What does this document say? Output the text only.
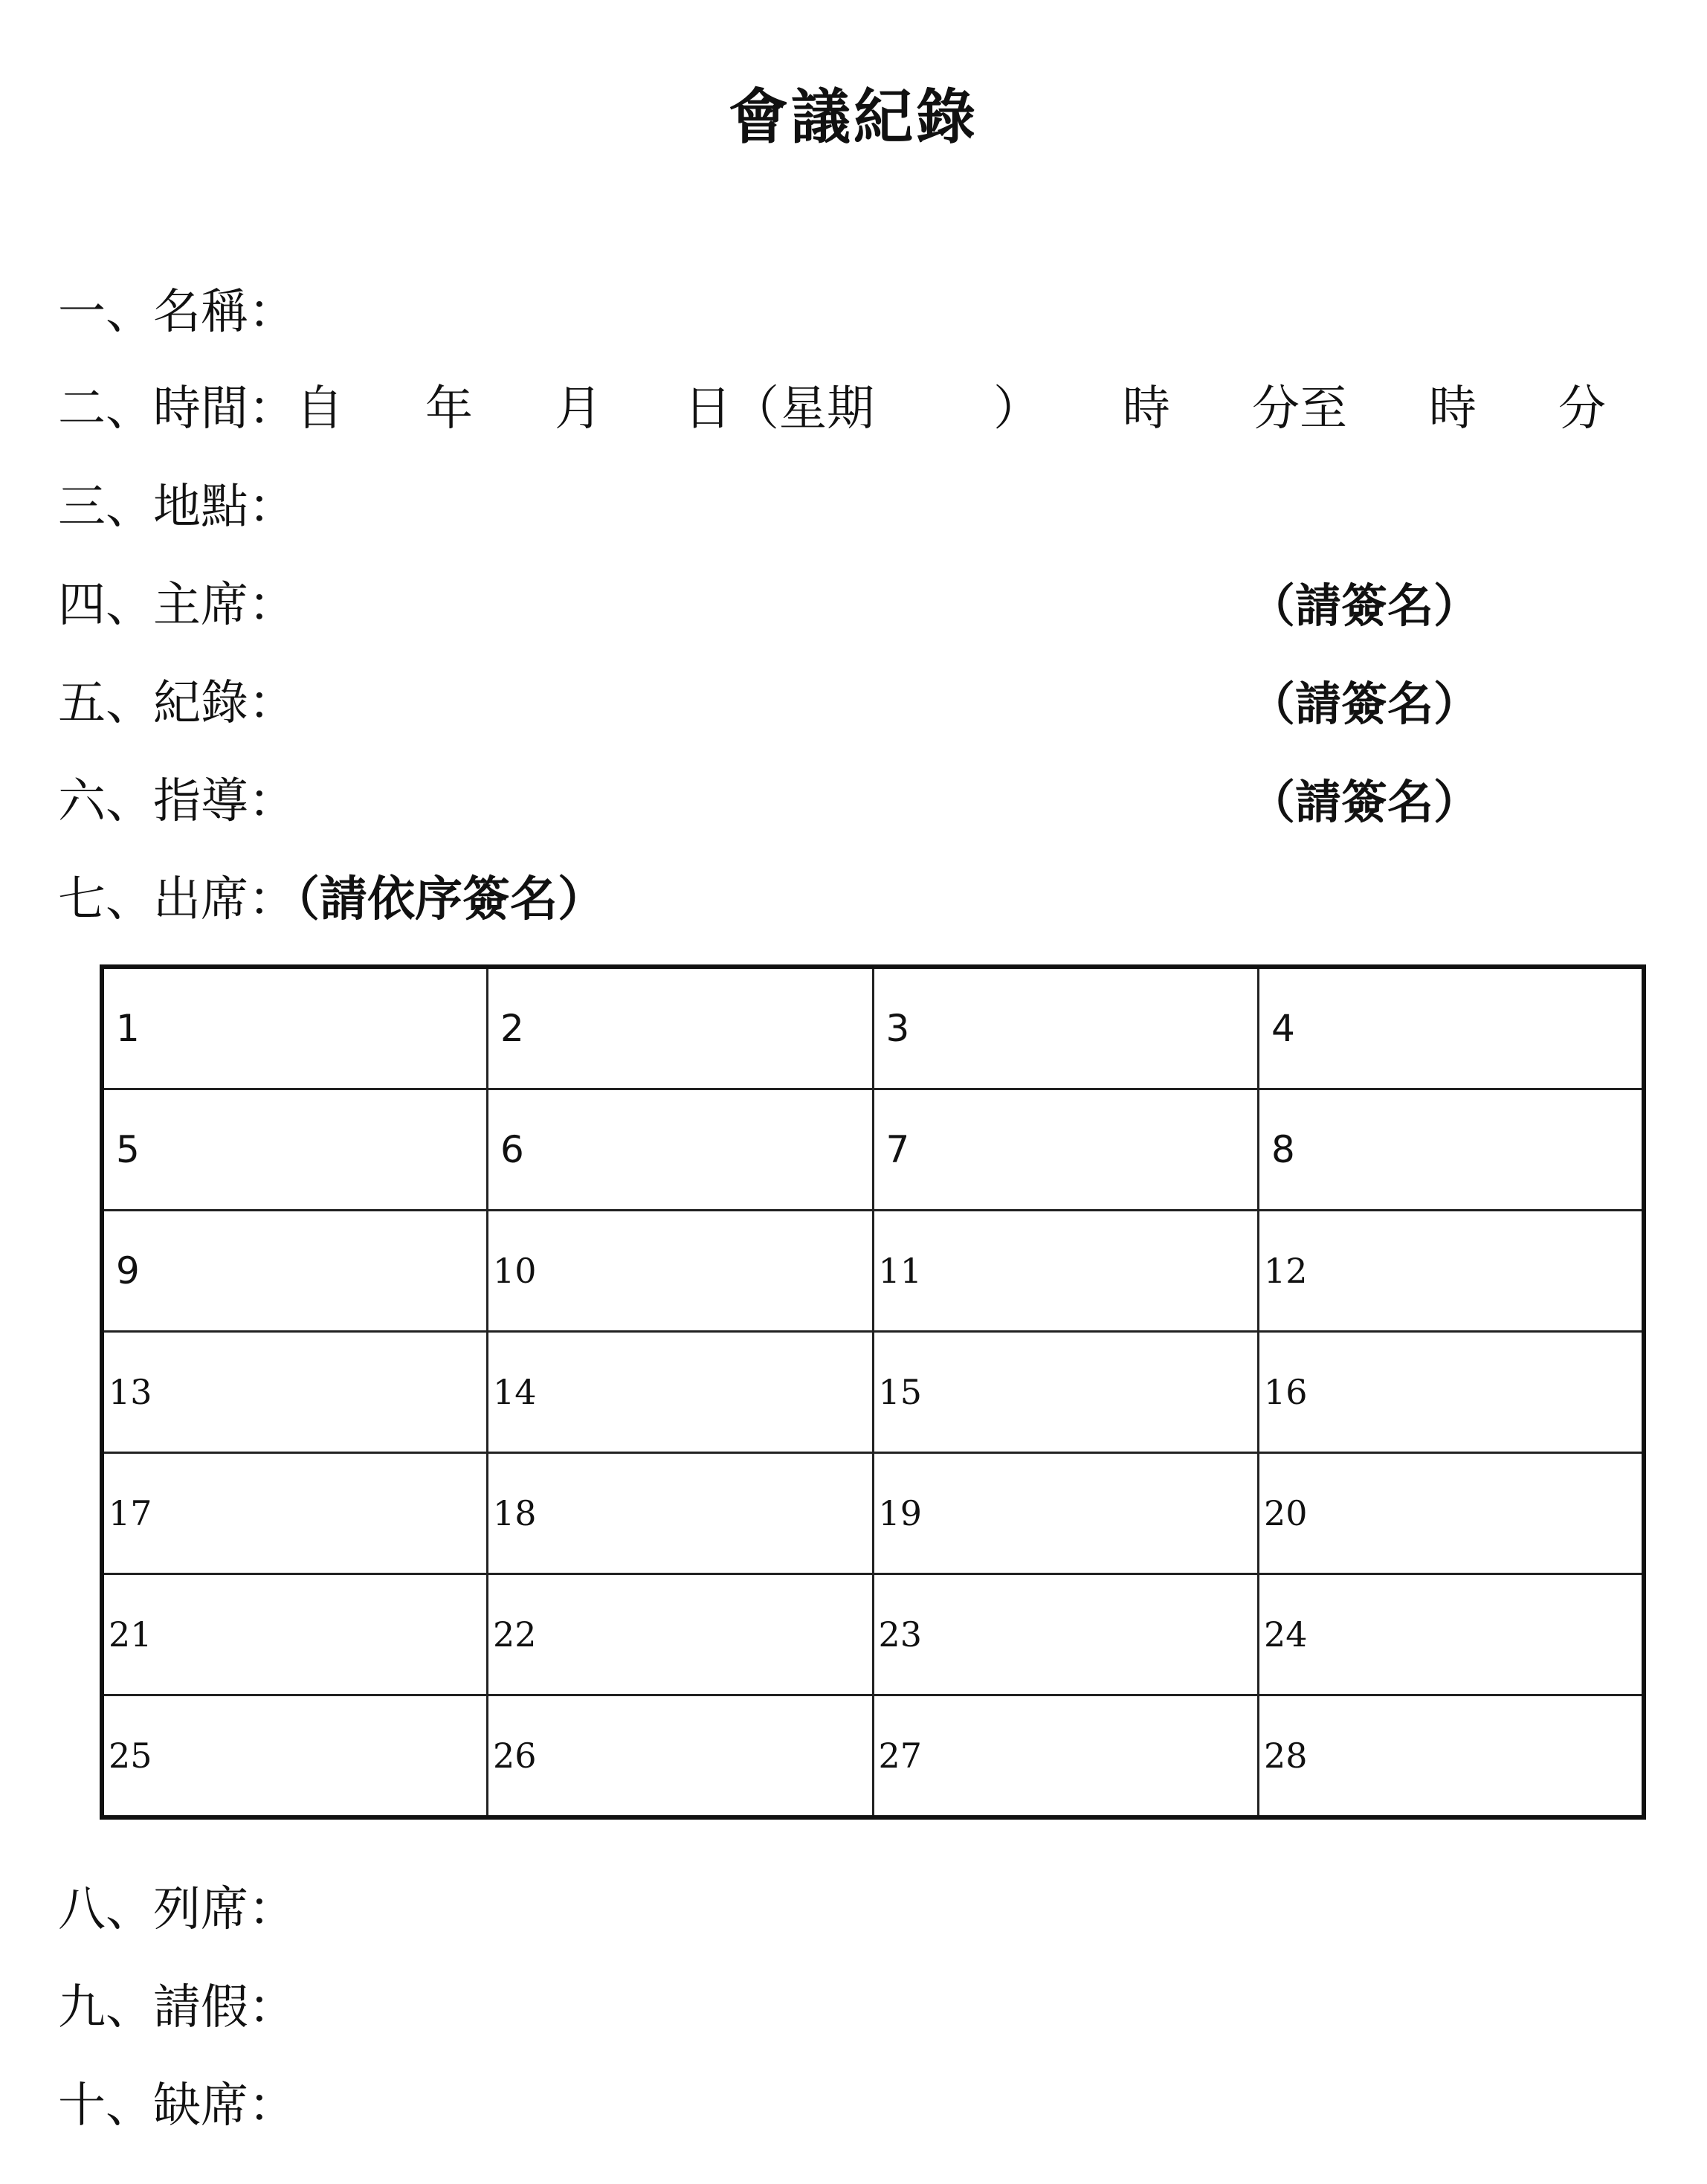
會議紀錄
一、名稱：
二、時間： 自 年 月 日（星期	） 時 分至 時 分
三、地點：
四、主席：	（請簽名）
五、紀錄：	（請簽名）
六、指導：	（請簽名）
七、出席：（請依序簽名）
1	2	3	4
5	6	7	8
9	10	11	12
13	14	15	16
17	18	19	20
21	22	23	24
25	26	27	28
八、列席：
九、請假：
十、缺席：
